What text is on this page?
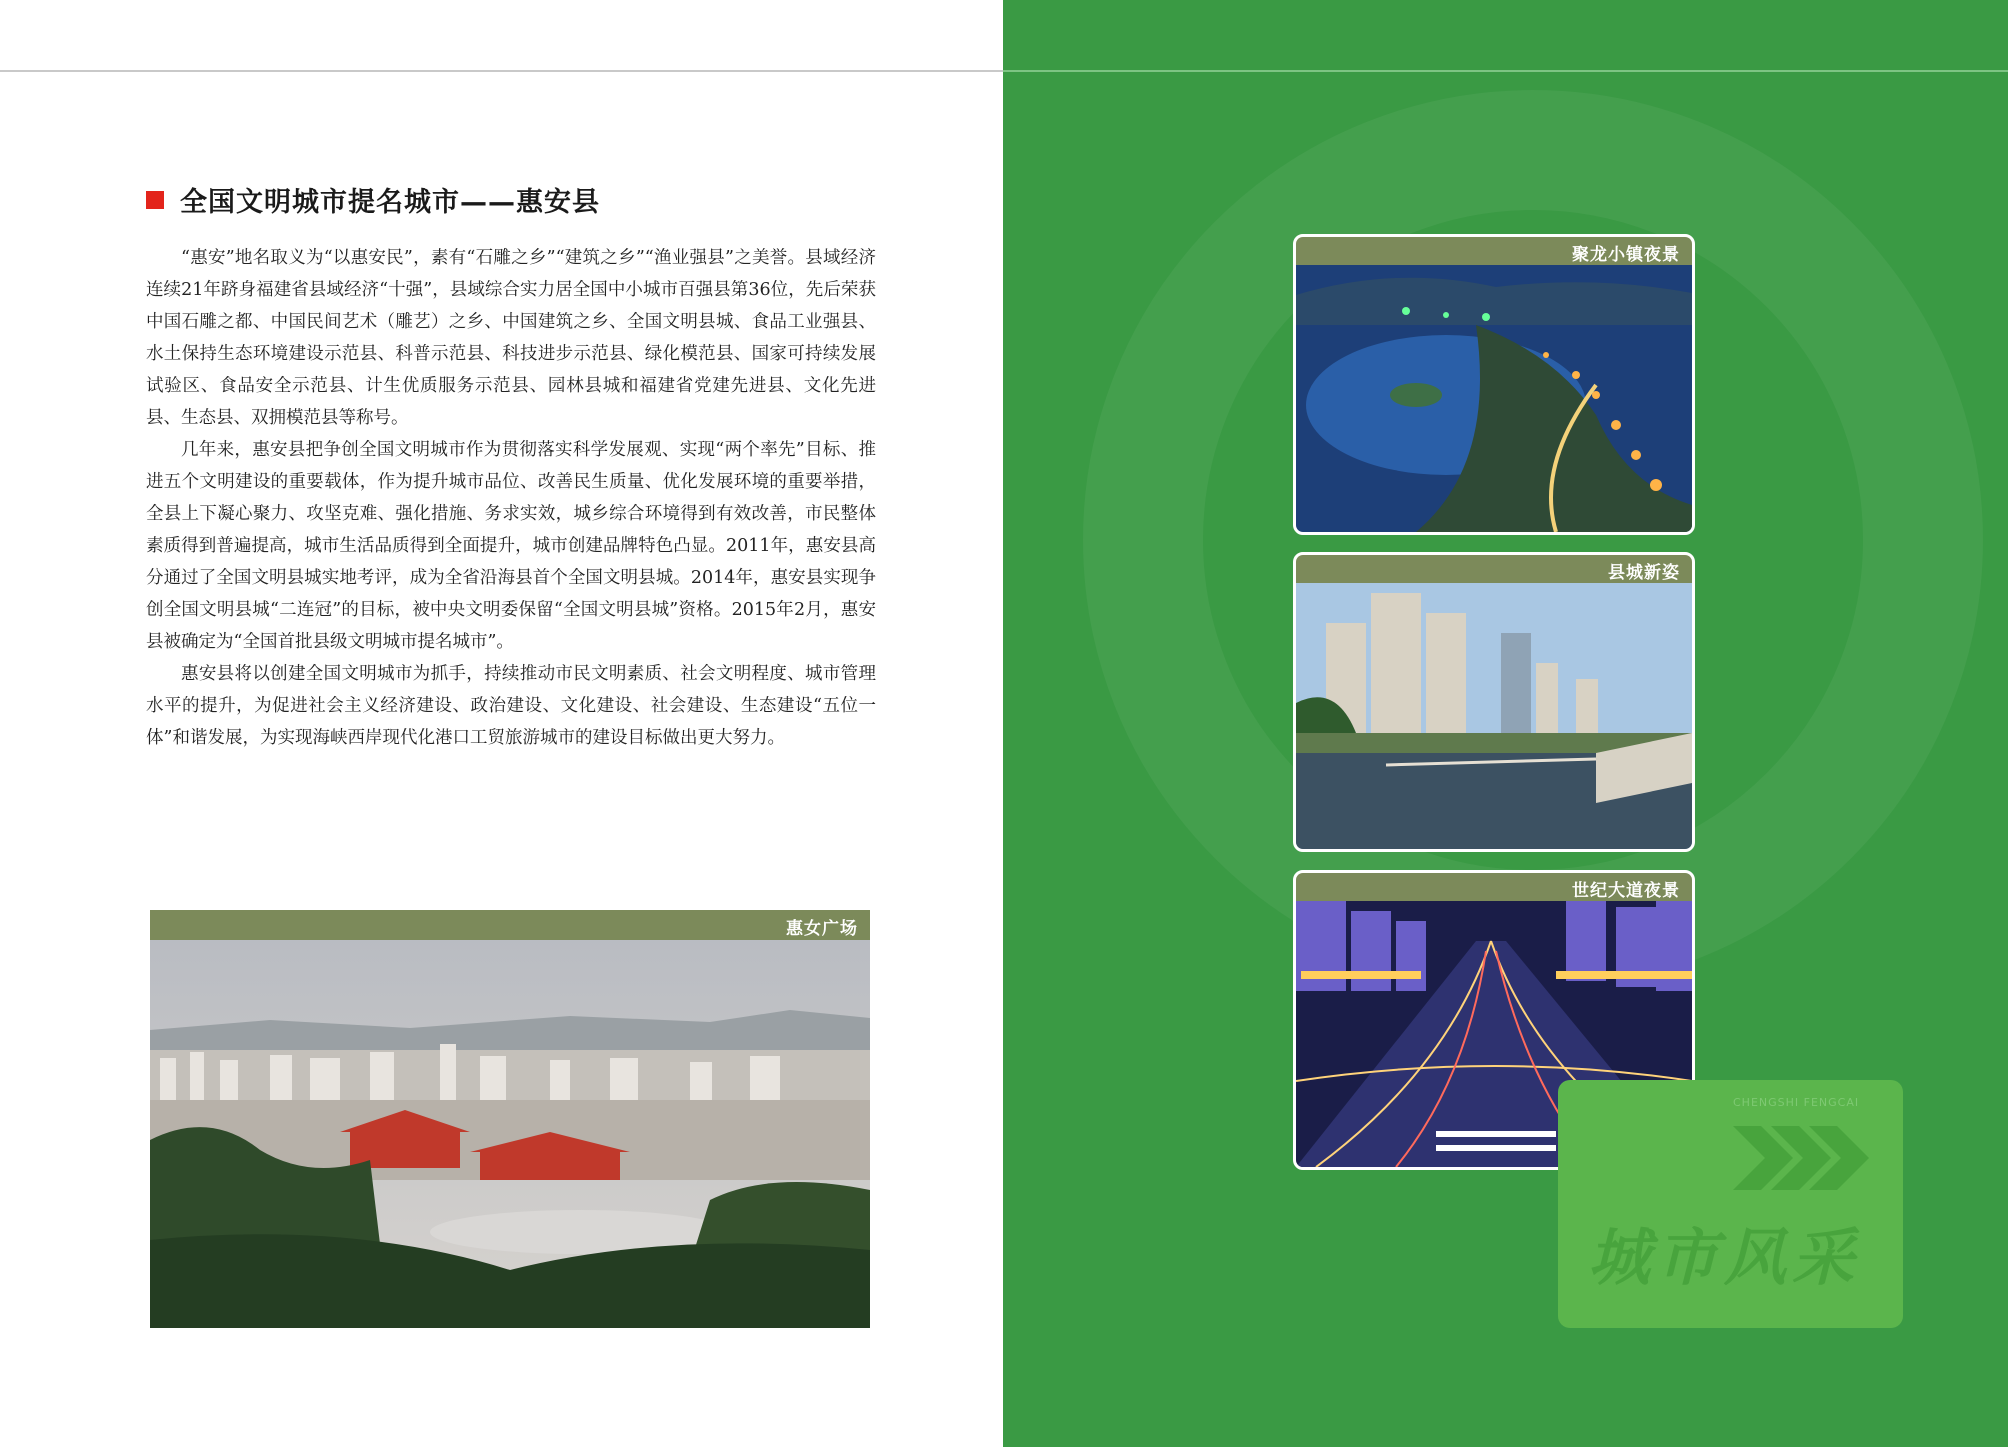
全国文明城市提名城市——惠安县

“惠安”地名取义为“以惠安民”，素有“石雕之乡”“建筑之乡”“渔业强县”之美誉。县域经济连续21年跻身福建省县域经济“十强”，县域综合实力居全国中小城市百强县第36位，先后荣获中国石雕之都、中国民间艺术（雕艺）之乡、中国建筑之乡、全国文明县城、食品工业强县、水土保持生态环境建设示范县、科普示范县、科技进步示范县、绿化模范县、国家可持续发展试验区、食品安全示范县、计生优质服务示范县、园林县城和福建省党建先进县、文化先进县、生态县、双拥模范县等称号。

几年来，惠安县把争创全国文明城市作为贯彻落实科学发展观、实现“两个率先”目标、推进五个文明建设的重要载体，作为提升城市品位、改善民生质量、优化发展环境的重要举措，全县上下凝心聚力、攻坚克难、强化措施、务求实效，城乡综合环境得到有效改善，市民整体素质得到普遍提高，城市生活品质得到全面提升，城市创建品牌特色凸显。2011年，惠安县高分通过了全国文明县城实地考评，成为全省沿海县首个全国文明县城。2014年，惠安县实现争创全国文明县城“二连冠”的目标，被中央文明委保留“全国文明县城”资格。2015年2月，惠安县被确定为“全国首批县级文明城市提名城市”。

惠安县将以创建全国文明城市为抓手，持续推动市民文明素质、社会文明程度、城市管理水平的提升，为促进社会主义经济建设、政治建设、文化建设、社会建设、生态建设“五位一体”和谐发展，为实现海峡西岸现代化港口工贸旅游城市的建设目标做出更大努力。

惠女广场
聚龙小镇夜景
县城新姿
世纪大道夜景
CHENGSHI FENGCAI
城市风采
